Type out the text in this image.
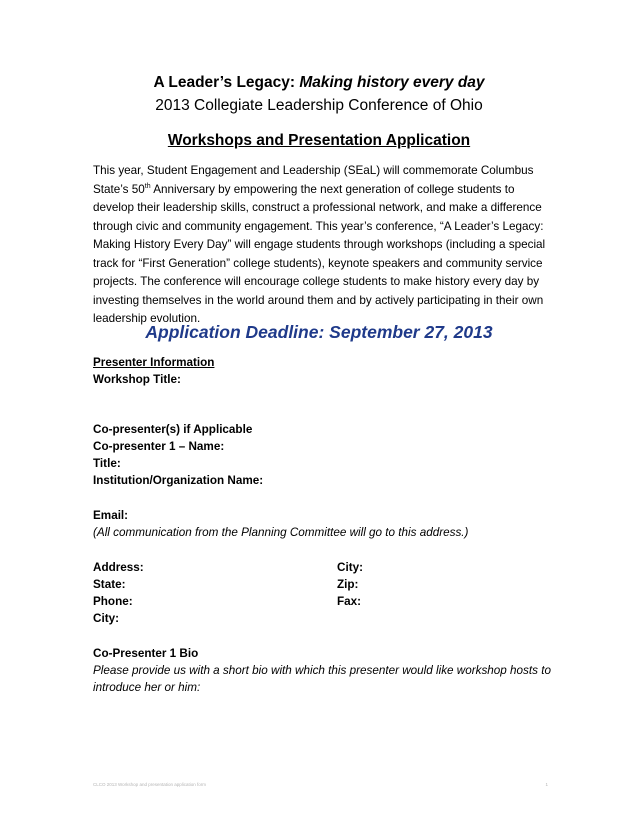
A Leader’s Legacy: Making history every day
2013 Collegiate Leadership Conference of Ohio
Workshops and Presentation Application

This year, Student Engagement and Leadership (SEaL) will commemorate Columbus

State’s 50th Anniversary by empowering the next generation of college students to

develop their leadership skills, construct a professional network, and make a difference

through civic and community engagement. This year’s conference, “A Leader’s Legacy:

Making History Every Day” will engage students through workshops (including a special

track for “First Generation” college students), keynote speakers and community service

projects. The conference will encourage college students to make history every day by

investing themselves in the world around them and by actively participating in their own

leadership evolution.

Application Deadline: September 27, 2013
Presenter Information
Workshop Title:
Co-presenter(s) if Applicable
Co-presenter 1 – Name:
Title:
Institution/Organization Name:
Email:
(All communication from the Planning Committee will go to this address.)
Address:	City:
State:	Zip:
Phone:	Fax:
City:
Co-Presenter 1 Bio
Please provide us with a short bio with which this presenter would like workshop hosts to
introduce her or him:
CLCO 2013 Workshop and presentation application form	1
